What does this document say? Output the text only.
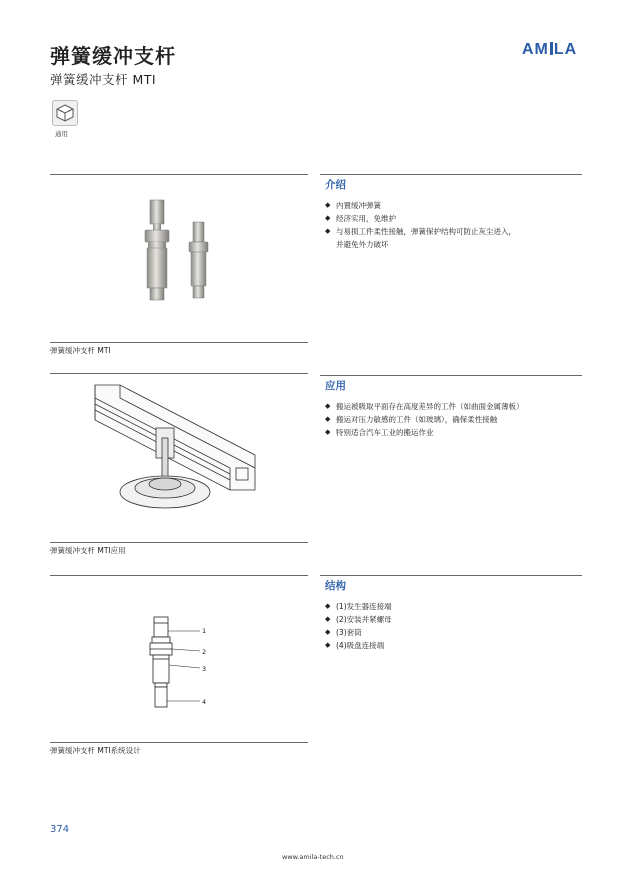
弹簧缓冲支杆
弹簧缓冲支杆 MTI
AM LA
通用
介绍
◆ 内置缓冲弹簧
◆ 经济实用，免维护
◆ 与易损工件柔性接触，弹簧保护结构可防止灰尘进入，
并避免外力破坏
弹簧缓冲支杆 MTI
应用
◆ 搬运被吸取平面存在高度差异的工件（如曲面金属薄板）
◆ 搬运对压力敏感的工件（如玻璃），确保柔性接触
◆ 特别适合汽车工业的搬运作业
弹簧缓冲支杆 MTI应用
结构
◆ (1)发生器连接端
◆ (2)安装并紧螺母
◆ (3)套筒
◆ (4)吸盘连接端
1
2
3
4
弹簧缓冲支杆 MTI系统设计
374
www.amila-tech.cn
